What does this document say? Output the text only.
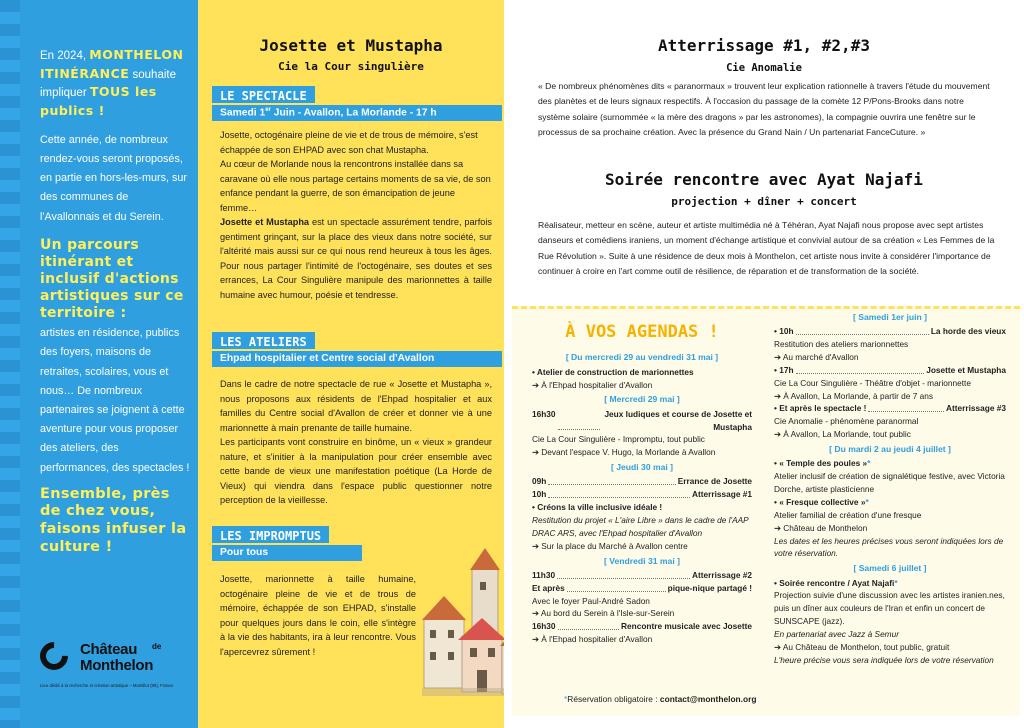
En 2024, MONTHELON ITINÉRANCE souhaite impliquer TOUS les publics !

Cette année, de nombreux rendez-vous seront proposés, en partie en hors-les-murs, sur des communes de l'Avallonnais et du Serein.

Un parcours itinérant et inclusif d'actions artistiques sur ce territoire :

artistes en résidence, publics des foyers, maisons de retraites, scolaires, vous et nous… De nombreux partenaires se joignent à cette aventure pour vous proposer des ateliers, des performances, des spectacles !

Ensemble, près de chez vous, faisons infuser la culture !
Château de
Monthelon
Lieu dédié à la recherche et création artistique – Montillot (89), France
Josette et Mustapha
Cie la Cour singulière
LE SPECTACLE
Samedi 1er Juin - Avallon, La Morlande - 17 h

Josette, octogénaire pleine de vie et de trous de mémoire, s'est échappée de son EHPAD avec son chat Mustapha.

Au cœur de Morlande nous la rencontrons installée dans sa caravane où elle nous partage certains moments de sa vie, de son enfance pendant la guerre, de son émancipation de jeune femme…

Josette et Mustapha est un spectacle assurément tendre, parfois gentiment grinçant, sur la place des vieux dans notre société, sur l'altérité mais aussi sur ce qui nous rend heureux à tous les âges. Pour nous partager l'intimité de l'octogénaire, ses doutes et ses errances, La Cour Singulière manipule des marionnettes à taille humaine avec humour, poésie et tendresse.

LES ATELIERS
Ehpad hospitalier et Centre social d'Avallon

Dans le cadre de notre spectacle de rue « Josette et Mustapha », nous proposons aux résidents de l'Ehpad hospitalier et aux familles du Centre social d'Avallon de créer et donner vie à une marionnette à main prenante de taille humaine.

Les participants vont construire en binôme, un « vieux » grandeur nature, et s'initier à la manipulation pour créer ensemble avec cette bande de vieux une manifestation poétique (La Horde de Vieux) qui viendra dans l'espace public questionner notre perception de la vieillesse.

LES IMPROMPTUS
Pour tous
Josette, marionnette à taille humaine, octogénaire pleine de vie et de trous de mémoire, échappée de son EHPAD, s'installe pour quelques jours dans le coin, elle s'intègre à la vie des habitants, ira à leur rencontre. Vous l'apercevrez sûrement !
Atterrissage #1, #2,#3
Cie Anomalie
« De nombreux phénomènes dits « paranormaux » trouvent leur explication rationnelle à travers l'étude du mouvement des planètes et de leurs signaux respectifs. À l'occasion du passage de la comète 12 P/Pons-Brooks dans notre système solaire (surnommée « la mère des dragons » par les astronomes), la compagnie ouvrira une fenêtre sur le processus de sa prochaine création. Avec la présence du Grand Nain / Un partenariat FanceCuture. »
Soirée rencontre avec Ayat Najafi
projection + dîner + concert
Réalisateur, metteur en scène, auteur et artiste multimédia né à Téhéran, Ayat Najafi nous propose avec sept artistes danseurs et comédiens iraniens, un moment d'échange artistique et convivial autour de sa création « Les Femmes de la Rue Révolution ». Suite à une résidence de deux mois à Monthelon, cet artiste nous invite à considérer l'importance de continuer à croire en l'art comme outil de résilience, de réparation et de transformation de la société.
À VOS AGENDAS !
[ Du mercredi 29 au vendredi 31 mai ]
• Atelier de construction de marionnettes
➔ À l'Ehpad hospitalier d'Avallon
[ Mercredi 29 mai ]
16h30	Jeux ludiques et course de Josette et Mustapha
Cie La Cour Singulière - Impromptu, tout public
➔ Devant l'espace V. Hugo, la Morlande à Avallon
[ Jeudi 30 mai ]
09h	Errance de Josette
10h	Atterrissage #1
• Créons la ville inclusive idéale !
Restitution du projet « L'aire Libre » dans le cadre de l'AAP DRAC ARS, avec l'Ehpad hospitalier d'Avallon
➔ Sur la place du Marché à Avallon centre
[ Vendredi 31 mai ]
11h30	Atterrissage #2
Et après	pique-nique partagé !
Avec le foyer Paul-André Sadon
➔ Au bord du Serein à l'Isle-sur-Serein
16h30	Rencontre musicale avec Josette
➔ À l'Ehpad hospitalier d'Avallon
[ Samedi 1er juin ]
• 10h	La horde des vieux
Restitution des ateliers marionnettes
➔ Au marché d'Avallon
• 17h	Josette et Mustapha
Cie La Cour Singulière - Théâtre d'objet - marionnette
➔ À Avallon, La Morlande, à partir de 7 ans
• Et après le spectacle !	Atterrissage #3
Cie Anomalie - phénomène paranormal
➔ À Avallon, La Morlande, tout public
[ Du mardi 2 au jeudi 4 juillet ]
• « Temple des poules »*
Atelier inclusif de création de signalétique festive, avec Victoria Dorche, artiste plasticienne
• « Fresque collective »*
Atelier familial de création d'une fresque
➔ Château de Monthelon
Les dates et les heures précises vous seront indiquées lors de votre réservation.
[ Samedi 6 juillet ]
• Soirée rencontre / Ayat Najafi*
Projection suivie d'une discussion avec les artistes iranien.nes, puis un dîner aux couleurs de l'Iran et enfin un concert de SUNSCAPE (jazz).
En partenariat avec Jazz à Semur
➔ Au Château de Monthelon, tout public, gratuit
L'heure précise vous sera indiquée lors de votre réservation
*Réservation obligatoire : contact@monthelon.org
